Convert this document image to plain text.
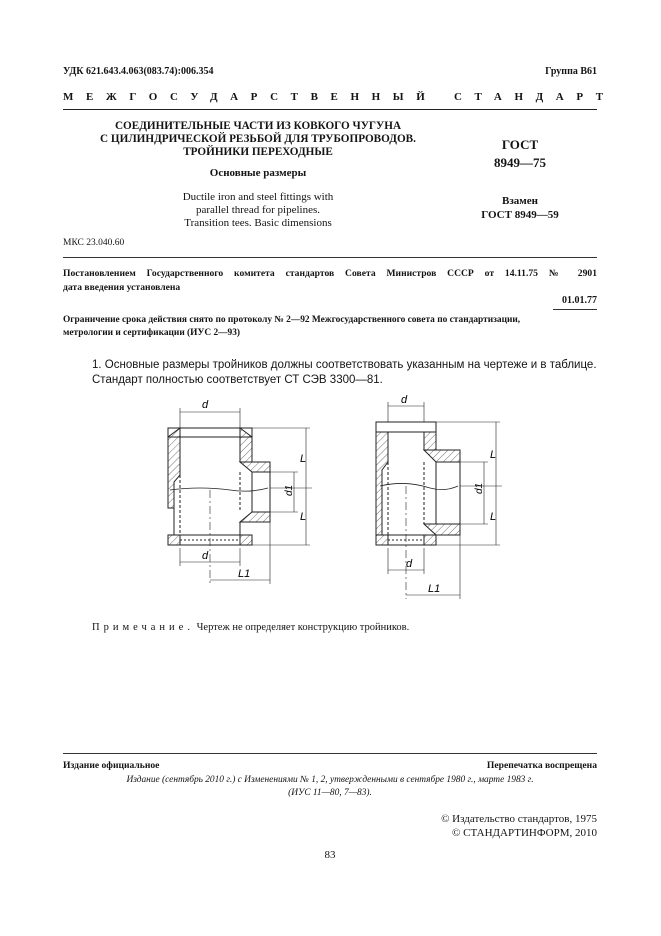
УДК 621.643.4.063(083.74):006.354	Группа В61
МЕЖГОСУДАРСТВЕННЫЙ СТАНДАРТ
СОЕДИНИТЕЛЬНЫЕ ЧАСТИ ИЗ КОВКОГО ЧУГУНА
С ЦИЛИНДРИЧЕСКОЙ РЕЗЬБОЙ ДЛЯ ТРУБОПРОВОДОВ.
ТРОЙНИКИ ПЕРЕХОДНЫЕ
Основные размеры
Ductile iron and steel fittings with
parallel thread for pipelines.
Transition tees. Basic dimensions
ГОСТ
8949—75
Взамен
ГОСТ 8949—59
МКС 23.040.60
Постановлением Государственного комитета стандартов Совета Министров СССР от 14.11.75 № 2901
дата введения установлена
01.01.77
Ограничение срока действия снято по протоколу № 2—92 Межгосударственного совета по стандартизации,
метрологии и сертификации (ИУС 2—93)
1. Основные размеры тройников должны соответствовать указанным на чертеже и в таблице.
Стандарт полностью соответствует СТ СЭВ 3300—81.
d
d
L1
L
L
d1
d
d
L1
L
L
d1
Примечание. Чертеж не определяет конструкцию тройников.
Издание официальное	Перепечатка воспрещена
Издание (сентябрь 2010 г.) с Изменениями № 1, 2, утвержденными в сентябре 1980 г., марте 1983 г.
(ИУС 11—80, 7—83).
© Издательство стандартов, 1975
© СТАНДАРТИНФОРМ, 2010
83
